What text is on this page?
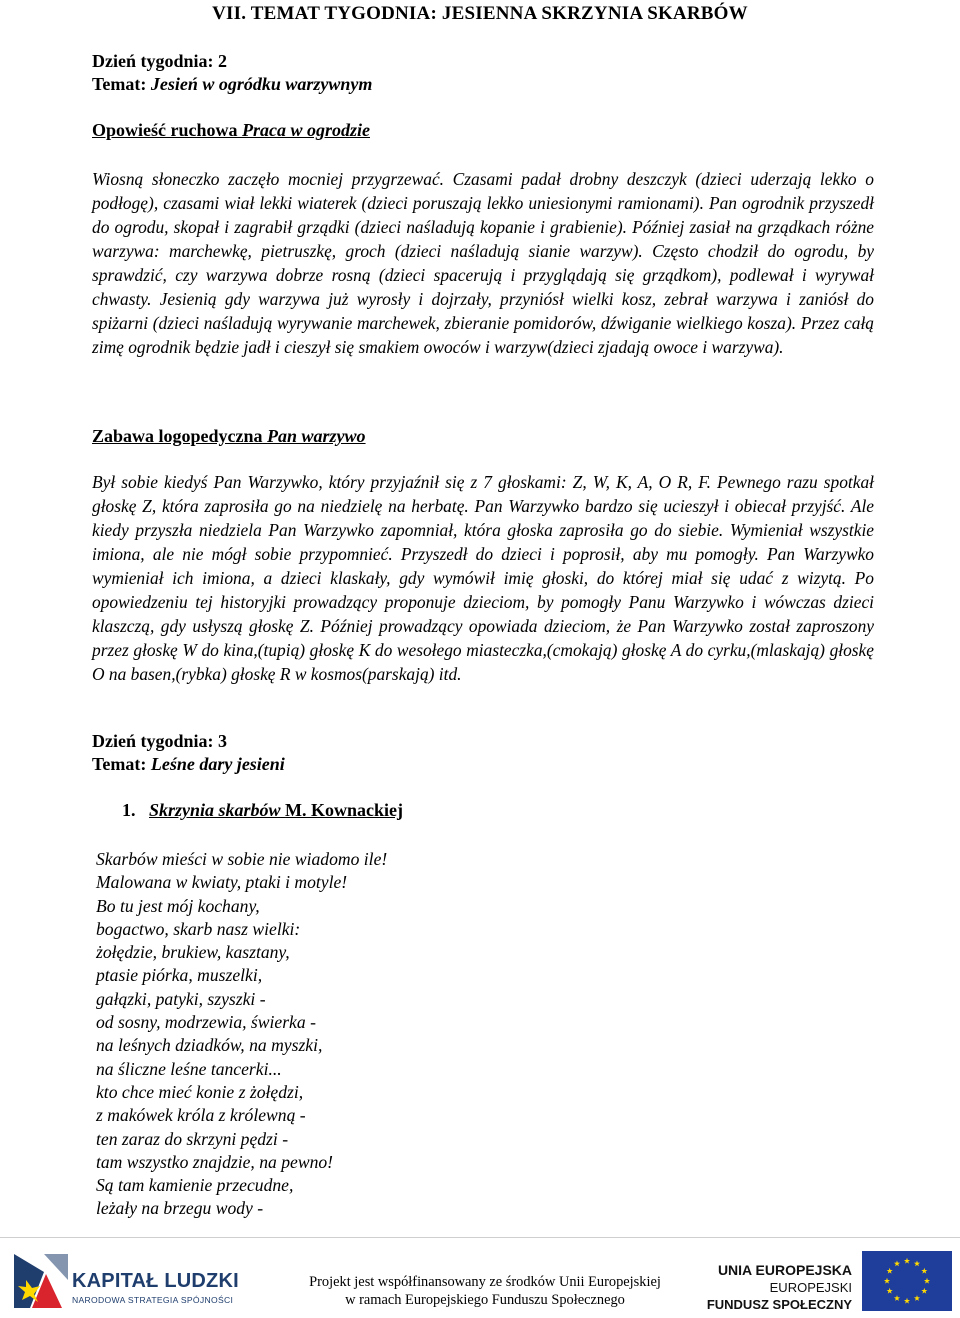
VII. TEMAT TYGODNIA: JESIENNA SKRZYNIA SKARBÓW
Dzień tygodnia: 2
Temat: Jesień w ogródku warzywnym
Opowieść ruchowa Praca w ogrodzie
Wiosną słoneczko zaczęło mocniej przygrzewać. Czasami padał drobny deszczyk (dzieci uderzają lekko o podłogę), czasami wiał lekki wiaterek (dzieci poruszają lekko uniesionymi ramionami). Pan ogrodnik przyszedł do ogrodu, skopał i zagrabił grządki (dzieci naśladują kopanie i grabienie). Później zasiał na grządkach różne warzywa: marchewkę, pietruszkę, groch (dzieci naśladują sianie warzyw). Często chodził do ogrodu, by sprawdzić, czy warzywa dobrze rosną (dzieci spacerują i przyglądają się grządkom), podlewał i wyrywał chwasty. Jesienią gdy warzywa już wyrosły i dojrzały, przyniósł wielki kosz, zebrał warzywa i zaniósł do spiżarni (dzieci naśladują wyrywanie marchewek, zbieranie pomidorów, dźwiganie wielkiego kosza). Przez całą zimę ogrodnik będzie jadł i cieszył się smakiem owoców i warzyw(dzieci zjadają owoce i warzywa).
Zabawa logopedyczna Pan warzywo
Był sobie kiedyś Pan Warzywko, który przyjaźnił się z 7 głoskami: Z, W, K, A, O R, F. Pewnego razu spotkał głoskę Z, która zaprosiła go na niedzielę na herbatę. Pan Warzywko bardzo się ucieszył i obiecał przyjść. Ale kiedy przyszła niedziela Pan Warzywko zapomniał, która głoska zaprosiła go do siebie. Wymieniał wszystkie imiona, ale nie mógł sobie przypomnieć. Przyszedł do dzieci i poprosił, aby mu pomogły. Pan Warzywko wymieniał ich imiona, a dzieci klaskały, gdy wymówił imię głoski, do której miał się udać z wizytą. Po opowiedzeniu tej historyjki prowadzący proponuje dzieciom, by pomogły Panu Warzywko i wówczas dzieci klaszczą, gdy usłyszą głoskę Z. Później prowadzący opowiada dzieciom, że Pan Warzywko został zaproszony przez głoskę W do kina,(tupią) głoskę K do wesołego miasteczka,(cmokają) głoskę A do cyrku,(mlaskają) głoskę O na basen,(rybka) głoskę R w kosmos(parskają) itd.
Dzień tygodnia: 3
Temat: Leśne dary jesieni
1. Skrzynia skarbów M. Kownackiej
Skarbów mieści w sobie nie wiadomo ile!
Malowana w kwiaty, ptaki i motyle!
Bo tu jest mój kochany,
bogactwo, skarb nasz wielki:
żołędzie, brukiew, kasztany,
ptasie piórka, muszelki,
gałązki, patyki, szyszki -
od sosny, modrzewia, świerka -
na leśnych dziadków, na myszki,
na śliczne leśne tancerki...
kto chce mieć konie z żołędzi,
z makówek króla z królewną -
ten zaraz do skrzyni pędzi -
tam wszystko znajdzie, na pewno!
Są tam kamienie przecudne,
leżały na brzegu wody -
KAPITAŁ LUDZKI
NARODOWA STRATEGIA SPÓJNOŚCI
Projekt jest współfinansowany ze środków Unii Europejskiej
w ramach Europejskiego Funduszu Społecznego
UNIA EUROPEJSKA
EUROPEJSKI
FUNDUSZ SPOŁECZNY
